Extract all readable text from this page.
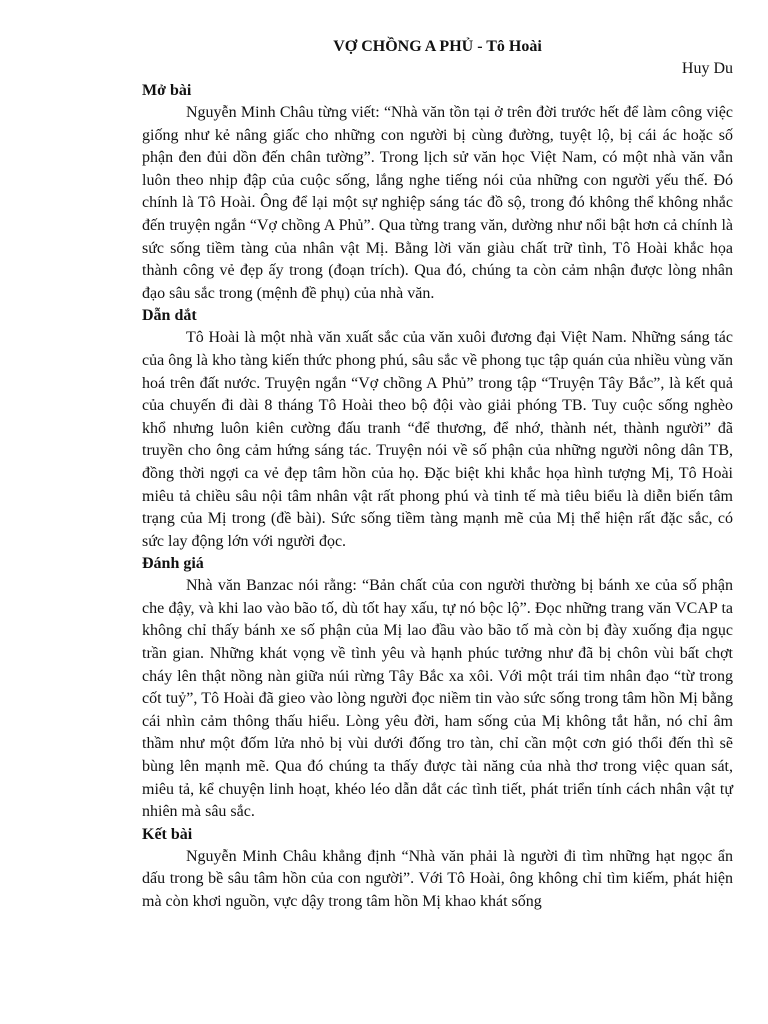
VỢ CHỒNG A PHỦ - Tô Hoài
Huy Du

Mở bài

Nguyễn Minh Châu từng viết: “Nhà văn tồn tại ở trên đời trước hết để làm công việc giống như kẻ nâng giấc cho những con người bị cùng đường, tuyệt lộ, bị cái ác hoặc số phận đen đủi dồn đến chân tường”. Trong lịch sử văn học Việt Nam, có một nhà văn vẫn luôn theo nhịp đập của cuộc sống, lắng nghe tiếng nói của những con người yếu thế. Đó chính là Tô Hoài. Ông để lại một sự nghiệp sáng tác đồ sộ, trong đó không thể không nhắc đến truyện ngắn “Vợ chồng A Phủ”. Qua từng trang văn, dường như nổi bật hơn cả chính là sức sống tiềm tàng của nhân vật Mị. Bằng lời văn giàu chất trữ tình, Tô Hoài khắc họa thành công vẻ đẹp ấy trong (đoạn trích). Qua đó, chúng ta còn cảm nhận được lòng nhân đạo sâu sắc trong (mệnh đề phụ) của nhà văn.

Dẫn dắt

Tô Hoài là một nhà văn xuất sắc của văn xuôi đương đại Việt Nam. Những sáng tác của ông là kho tàng kiến thức phong phú, sâu sắc về phong tục tập quán của nhiều vùng văn hoá trên đất nước. Truyện ngắn “Vợ chồng A Phủ” trong tập “Truyện Tây Bắc”, là kết quả của chuyến đi dài 8 tháng Tô Hoài theo bộ đội vào giải phóng TB. Tuy cuộc sống nghèo khổ nhưng luôn kiên cường đấu tranh “để thương, để nhớ, thành nét, thành người” đã truyền cho ông cảm hứng sáng tác. Truyện nói về số phận của những người nông dân TB, đồng thời ngợi ca vẻ đẹp tâm hồn của họ. Đặc biệt khi khắc họa hình tượng Mị, Tô Hoài miêu tả chiều sâu nội tâm nhân vật rất phong phú và tinh tế mà tiêu biểu là diễn biến tâm trạng của Mị trong (đề bài). Sức sống tiềm tàng mạnh mẽ của Mị thể hiện rất đặc sắc, có sức lay động lớn với người đọc.

Đánh giá

Nhà văn Banzac nói rằng: “Bản chất của con người thường bị bánh xe của số phận che đậy, và khi lao vào bão tố, dù tốt hay xấu, tự nó bộc lộ”. Đọc những trang văn VCAP ta không chỉ thấy bánh xe số phận của Mị lao đầu vào bão tố mà còn bị đày xuống địa ngục trần gian. Những khát vọng về tình yêu và hạnh phúc tưởng như đã bị chôn vùi bất chợt cháy lên thật nồng nàn giữa núi rừng Tây Bắc xa xôi. Với một trái tim nhân đạo “từ trong cốt tuỷ”, Tô Hoài đã gieo vào lòng người đọc niềm tin vào sức sống trong tâm hồn Mị bằng cái nhìn cảm thông thấu hiểu. Lòng yêu đời, ham sống của Mị không tắt hẳn, nó chỉ âm thầm như một đốm lửa nhỏ bị vùi dưới đống tro tàn, chỉ cần một cơn gió thổi đến thì sẽ bùng lên mạnh mẽ. Qua đó chúng ta thấy được tài năng của nhà thơ trong việc quan sát, miêu tả, kể chuyện linh hoạt, khéo léo dẫn dắt các tình tiết, phát triển tính cách nhân vật tự nhiên mà sâu sắc.

Kết bài

Nguyễn Minh Châu khẳng định “Nhà văn phải là người đi tìm những hạt ngọc ẩn dấu trong bề sâu tâm hồn của con người”. Với Tô Hoài, ông không chỉ tìm kiếm, phát hiện mà còn khơi nguồn, vực dậy trong tâm hồn Mị khao khát sống
